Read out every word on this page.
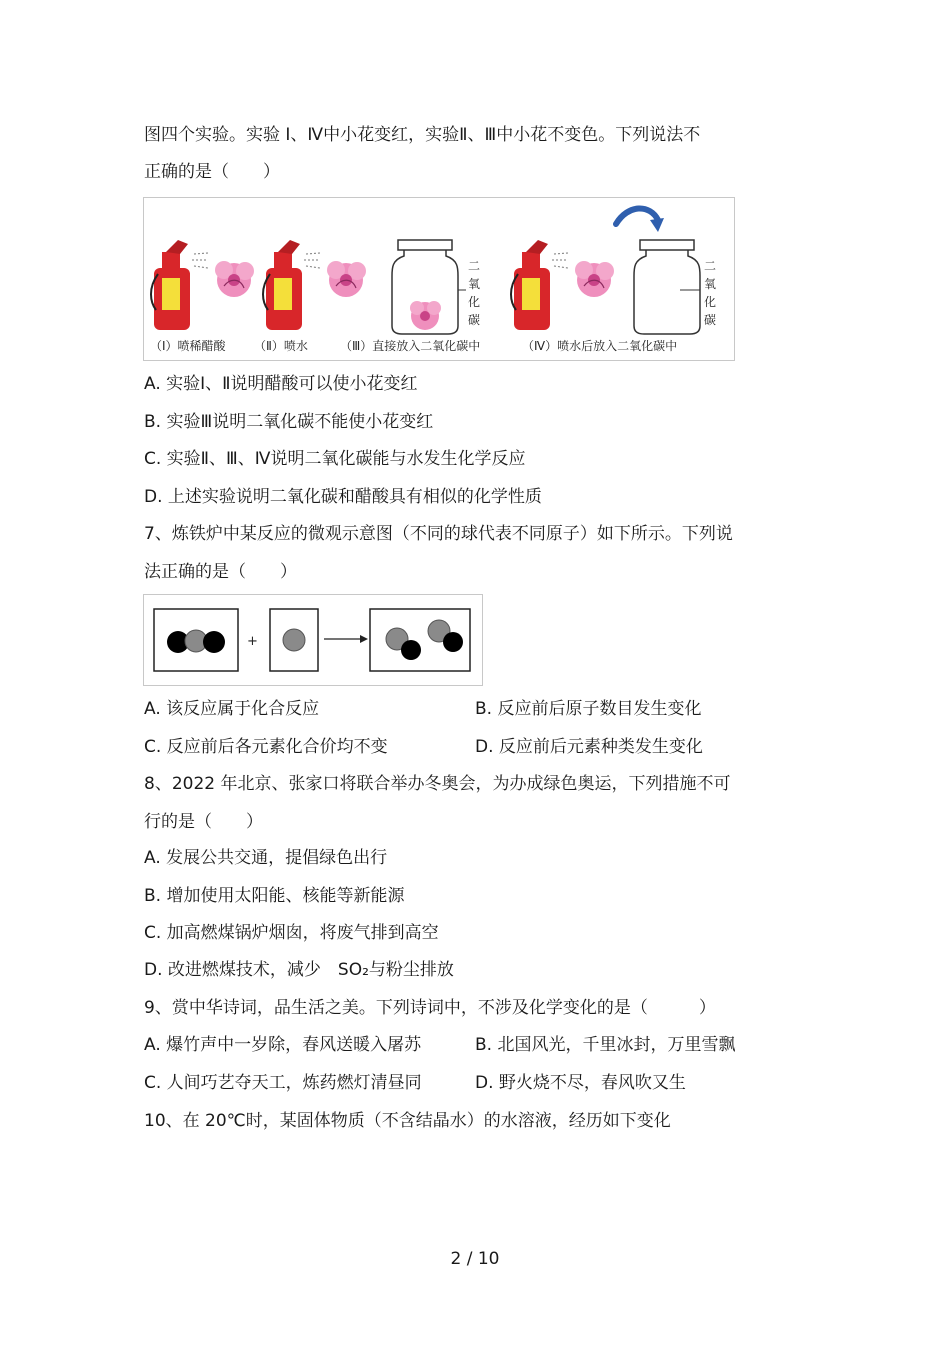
图四个实验。实验 Ⅰ、Ⅳ中小花变红，实验Ⅱ、Ⅲ中小花不变色。下列说法不
正确的是（　　）
二
氧
化
碳
二
氧
化
碳
（Ⅰ）喷稀醋酸 （Ⅱ）喷水	（Ⅲ）直接放入二氧化碳中	（Ⅳ）喷水后放入二氧化碳中
A. 实验Ⅰ、Ⅱ说明醋酸可以使小花变红
B. 实验Ⅲ说明二氧化碳不能使小花变红
C. 实验Ⅱ、Ⅲ、Ⅳ说明二氧化碳能与水发生化学反应
D. 上述实验说明二氧化碳和醋酸具有相似的化学性质
7、炼铁炉中某反应的微观示意图（不同的球代表不同原子）如下所示。下列说
法正确的是（　　）
+
A. 该反应属于化合反应	B. 反应前后原子数目发生变化
C. 反应前后各元素化合价均不变	D. 反应前后元素种类发生变化
8、2022 年北京、张家口将联合举办冬奥会，为办成绿色奥运，下列措施不可
行的是（　　）
A. 发展公共交通，提倡绿色出行
B. 增加使用太阳能、核能等新能源
C. 加高燃煤锅炉烟囱，将废气排到高空
D. 改进燃煤技术，减少　SO₂与粉尘排放
9、赏中华诗词，品生活之美。下列诗词中，不涉及化学变化的是（　　　）
A. 爆竹声中一岁除，春风送暖入屠苏	B. 北国风光，千里冰封，万里雪飘
C. 人间巧艺夺天工，炼药燃灯清昼同	D. 野火烧不尽，春风吹又生
10、在 20℃时，某固体物质（不含结晶水）的水溶液，经历如下变化
2 / 10
